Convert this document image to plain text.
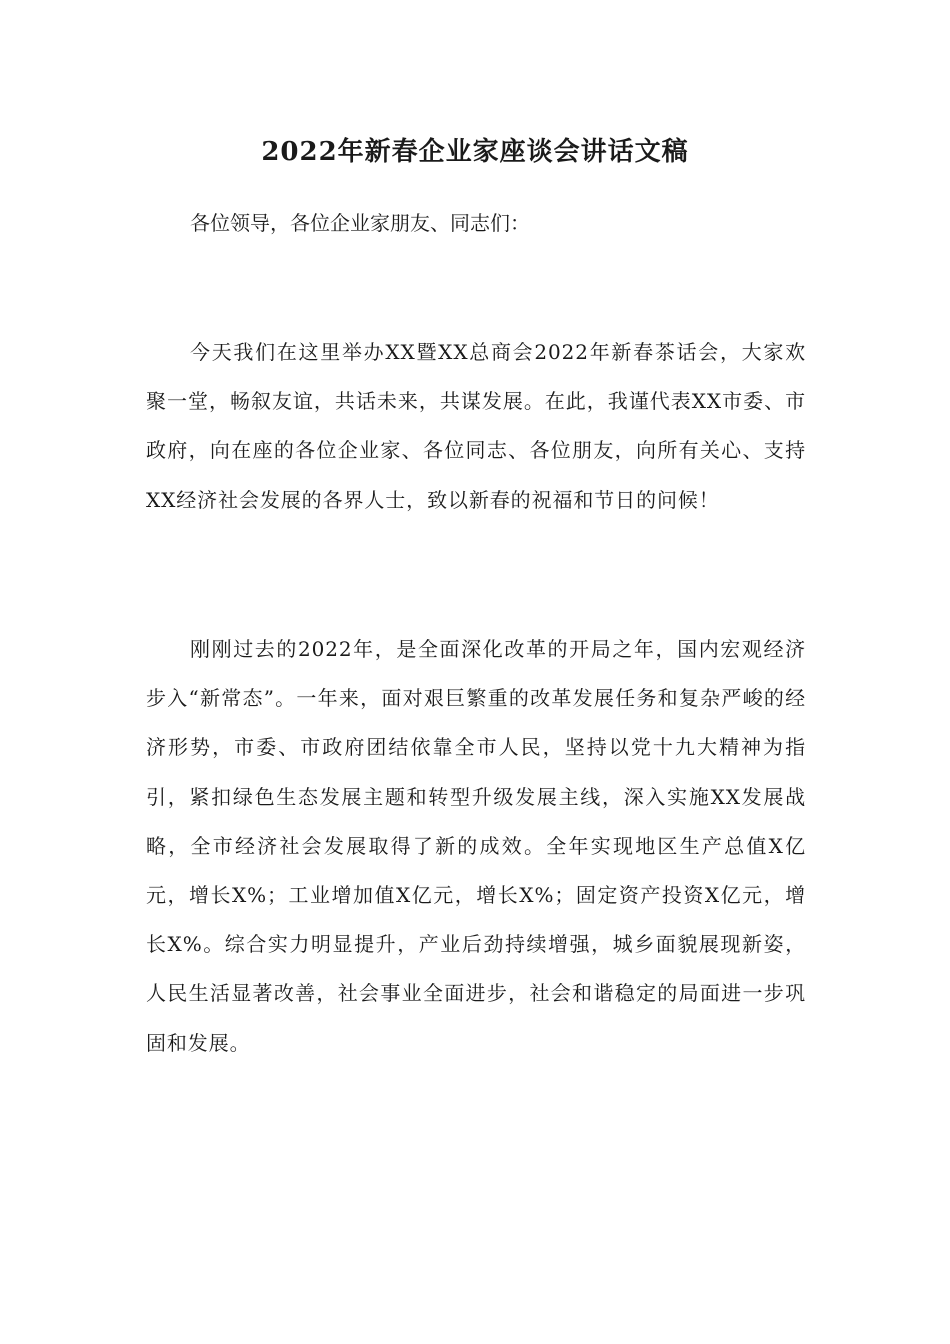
2022年新春企业家座谈会讲话文稿

各位领导，各位企业家朋友、同志们：

今天我们在这里举办XX暨XX总商会2022年新春茶话会，大家欢聚一堂，畅叙友谊，共话未来，共谋发展。在此，我谨代表XX市委、市政府，向在座的各位企业家、各位同志、各位朋友，向所有关心、支持XX经济社会发展的各界人士，致以新春的祝福和节日的问候！

刚刚过去的2022年，是全面深化改革的开局之年，国内宏观经济步入“新常态”。一年来，面对艰巨繁重的改革发展任务和复杂严峻的经济形势，市委、市政府团结依靠全市人民，坚持以党十九大精神为指引，紧扣绿色生态发展主题和转型升级发展主线，深入实施XX发展战略，全市经济社会发展取得了新的成效。全年实现地区生产总值X亿元，增长X%；工业增加值X亿元，增长X%；固定资产投资X亿元，增长X%。综合实力明显提升，产业后劲持续增强，城乡面貌展现新姿，人民生活显著改善，社会事业全面进步，社会和谐稳定的局面进一步巩固和发展。
